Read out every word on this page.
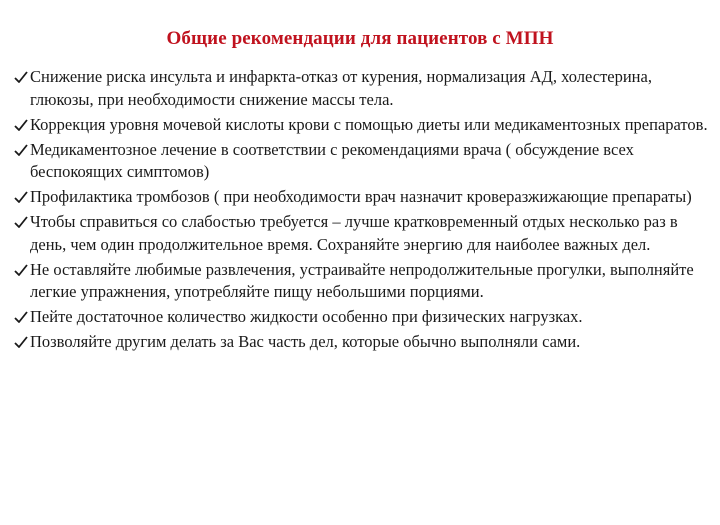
Общие рекомендации для пациентов с МПН
Снижение риска инсульта и инфаркта-отказ от курения, нормализация АД, холестерина, глюкозы, при необходимости снижение массы тела.
Коррекция уровня мочевой кислоты крови с помощью диеты или медикаментозных препаратов.
Медикаментозное лечение в соответствии с рекомендациями врача ( обсуждение всех беспокоящих симптомов)
Профилактика тромбозов ( при необходимости врач назначит кроверазжижающие препараты)
Чтобы справиться со слабостью требуется – лучше кратковременный отдых несколько раз в день, чем один продолжительное время. Сохраняйте энергию для наиболее важных дел.
Не оставляйте любимые развлечения, устраивайте непродолжительные прогулки, выполняйте легкие упражнения, употребляйте пищу небольшими порциями.
Пейте достаточное количество жидкости особенно при физических нагрузках.
Позволяйте другим делать за Вас часть дел, которые обычно выполняли сами.
